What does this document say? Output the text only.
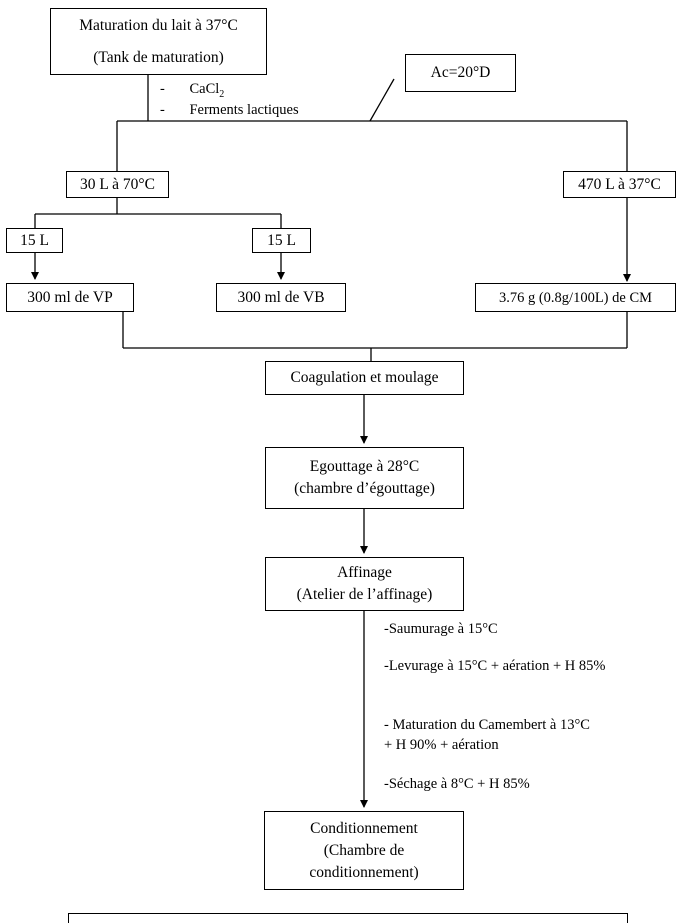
Maturation du lait à 37°C
(Tank de maturation)
Ac=20°D
- CaCl$_2$
- Ferments lactiques
30 L à 70°C	470 L à 37°C
15 L	15 L
300 ml de VP	300 ml de VB	3.76 g (0.8g/100L) de CM
Coagulation et moulage
Egouttage à 28°C
(chambre d’égouttage)
Affinage
(Atelier de l’affinage)
-Saumurage à 15°C
-Levurage à 15°C + aération + H 85%
- Maturation du Camembert à 13°C + H 90% + aération
-Séchage à 8°C + H 85%
Conditionnement
(Chambre de
conditionnement)
